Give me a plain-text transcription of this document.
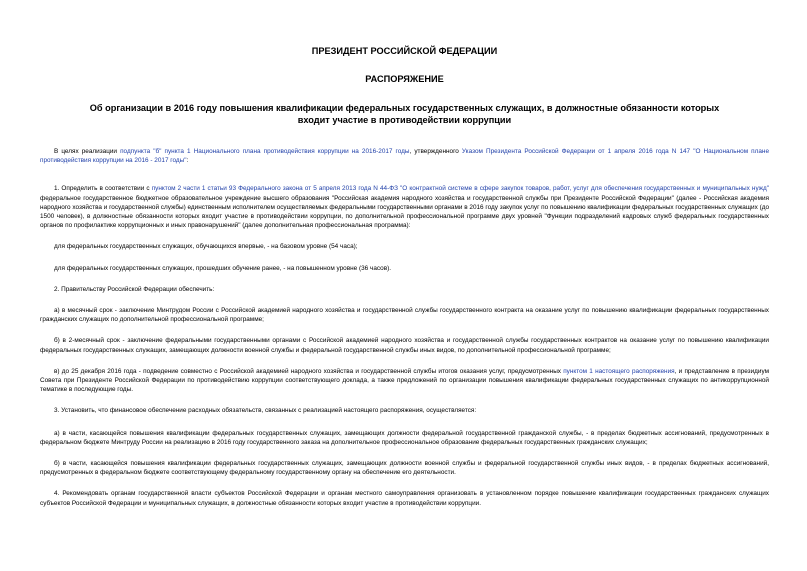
ПРЕЗИДЕНТ РОССИЙСКОЙ ФЕДЕРАЦИИ
РАСПОРЯЖЕНИЕ
Об организации в 2016 году повышения квалификации федеральных государственных служащих, в должностные обязанности которых входит участие в противодействии коррупции

В целях реализации подпункта "б" пункта 1 Национального плана противодействия коррупции на 2016-2017 годы, утвержденного Указом Президента Российской Федерации от 1 апреля 2016 года N 147 "О Национальном плане противодействия коррупции на 2016 - 2017 годы":

1. Определить в соответствии с пунктом 2 части 1 статьи 93 Федерального закона от 5 апреля 2013 года N 44-ФЗ "О контрактной системе в сфере закупок товаров, работ, услуг для обеспечения государственных и муниципальных нужд" федеральное государственное бюджетное образовательное учреждение высшего образования "Российская академия народного хозяйства и государственной службы при Президенте Российской Федерации" (далее - Российская академия народного хозяйства и государственной службы) единственным исполнителем осуществляемых федеральными государственными органами в 2016 году закупок услуг по повышению квалификации федеральных государственных служащих (до 1500 человек), в должностные обязанности которых входит участие в противодействии коррупции, по дополнительной профессиональной программе двух уровней "Функции подразделений кадровых служб федеральных государственных органов по профилактике коррупционных и иных правонарушений" (далее дополнительная профессиональная программа):

для федеральных государственных служащих, обучающихся впервые, - на базовом уровне (54 часа);

для федеральных государственных служащих, прошедших обучение ранее, - на повышенном уровне (36 часов).

2. Правительству Российской Федерации обеспечить:

а) в месячный срок - заключение Минтрудом России с Российской академией народного хозяйства и государственной службы государственного контракта на оказание услуг по повышению квалификации федеральных государственных гражданских служащих по дополнительной профессиональной программе;

б) в 2-месячный срок - заключение федеральными государственными органами с Российской академией народного хозяйства и государственной службы государственных контрактов на оказание услуг по повышению квалификации федеральных государственных служащих, замещающих должности военной службы и федеральной государственной службы иных видов, по дополнительной профессиональной программе;

в) до 25 декабря 2016 года - подведение совместно с Российской академией народного хозяйства и государственной службы итогов оказания услуг, предусмотренных пунктом 1 настоящего распоряжения, и представление в президиум Совета при Президенте Российской Федерации по противодействию коррупции соответствующего доклада, а также предложений по организации повышения квалификации федеральных государственных служащих по антикоррупционной тематике в последующие годы.

3. Установить, что финансовое обеспечение расходных обязательств, связанных с реализацией настоящего распоряжения, осуществляется:

а) в части, касающейся повышения квалификации федеральных государственных служащих, замещающих должности федеральной государственной гражданской службы, - в пределах бюджетных ассигнований, предусмотренных в федеральном бюджете Минтруду России на реализацию в 2016 году государственного заказа на дополнительное профессиональное образование федеральных государственных гражданских служащих;

б) в части, касающейся повышения квалификации федеральных государственных служащих, замещающих должности военной службы и федеральной государственной службы иных видов, - в пределах бюджетных ассигнований, предусмотренных в федеральном бюджете соответствующему федеральному государственному органу на обеспечение его деятельности.

4. Рекомендовать органам государственной власти субъектов Российской Федерации и органам местного самоуправления организовать в установленном порядке повышение квалификации государственных гражданских служащих субъектов Российской Федерации и муниципальных служащих, в должностные обязанности которых входит участие в противодействии коррупции.
